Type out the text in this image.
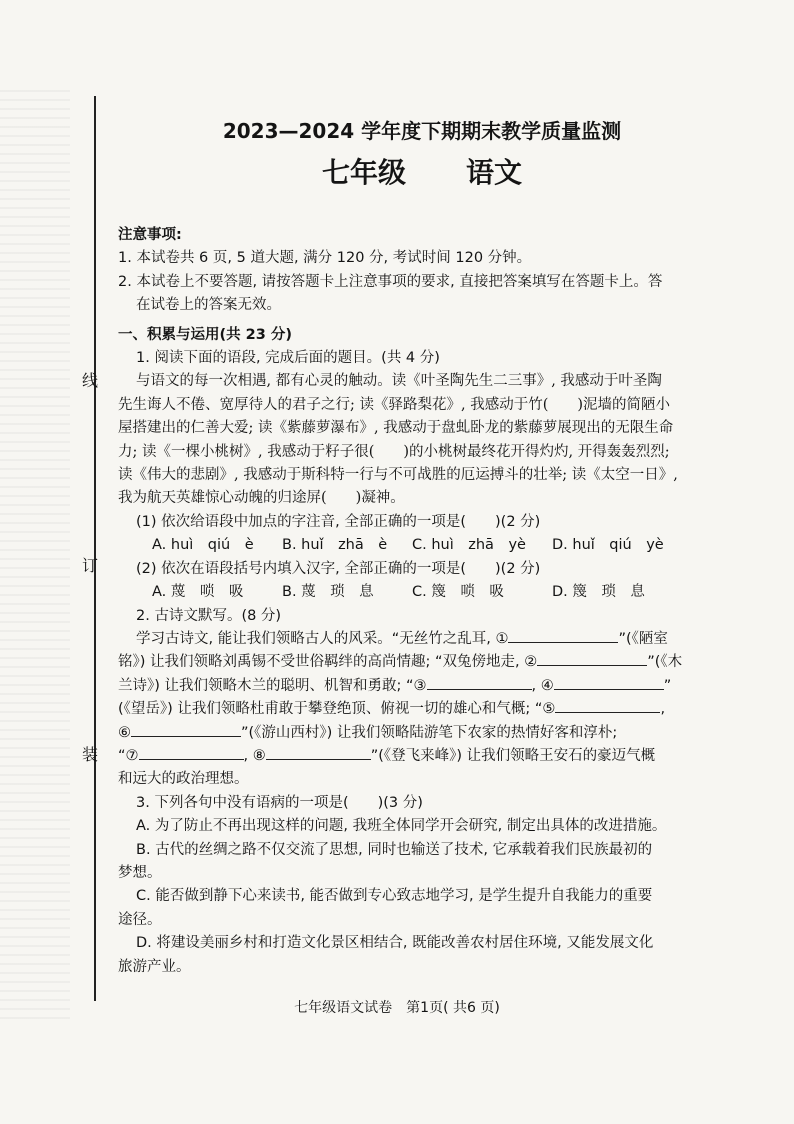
线
订
装
2023—2024 学年度下期期末教学质量监测
七年级 语文
注意事项:
1. 本试卷共 6 页, 5 道大题, 满分 120 分, 考试时间 120 分钟。
2. 本试卷上不要答题, 请按答题卡上注意事项的要求, 直接把答案填写在答题卡上。答
在试卷上的答案无效。
一、积累与运用(共 23 分)
1. 阅读下面的语段, 完成后面的题目。(共 4 分)
与语文的每一次相遇, 都有心灵的触动。读《叶圣陶先生二三事》, 我感动于叶圣陶
先生诲人不倦、宽厚待人的君子之行; 读《驿路梨花》, 我感动于竹(　　)泥墙的简陋小
屋搭建出的仁善大爱; 读《紫藤萝瀑布》, 我感动于盘虬卧龙的紫藤萝展现出的无限生命
力; 读《一棵小桃树》, 我感动于籽子很(　　)的小桃树最终花开得灼灼, 开得轰轰烈烈;
读《伟大的悲剧》, 我感动于斯科特一行与不可战胜的厄运搏斗的壮举; 读《太空一日》,
我为航天英雄惊心动魄的归途屏(　　)凝神。
(1) 依次给语段中加点的字注音, 全部正确的一项是(　　)(2 分)
A. huì　qiú　è	B. huǐ　zhā　è	C. huì　zhā　yè	D. huǐ　qiú　yè
(2) 依次在语段括号内填入汉字, 全部正确的一项是(　　)(2 分)
A. 蔑　唢　吸	B. 蔑　琐　息	C. 篾　唢　吸	D. 篾　琐　息
2. 古诗文默写。(8 分)
学习古诗文, 能让我们领略古人的风采。“无丝竹之乱耳, ①	”(《陋室
铭》) 让我们领略刘禹锡不受世俗羁绊的高尚情趣; “双兔傍地走, ②	”(《木
兰诗》) 让我们领略木兰的聪明、机智和勇敢; “③	, ④	”
(《望岳》) 让我们领略杜甫敢于攀登绝顶、俯视一切的雄心和气概; “⑤	,
⑥	”(《游山西村》) 让我们领略陆游笔下农家的热情好客和淳朴;
“⑦	, ⑧	”(《登飞来峰》) 让我们领略王安石的豪迈气概
和远大的政治理想。
3. 下列各句中没有语病的一项是(　　)(3 分)
A. 为了防止不再出现这样的问题, 我班全体同学开会研究, 制定出具体的改进措施。
B. 古代的丝绸之路不仅交流了思想, 同时也输送了技术, 它承载着我们民族最初的
梦想。
C. 能否做到静下心来读书, 能否做到专心致志地学习, 是学生提升自我能力的重要
途径。
D. 将建设美丽乡村和打造文化景区相结合, 既能改善农村居住环境, 又能发展文化
旅游产业。
七年级语文试卷　第1页( 共6 页)
